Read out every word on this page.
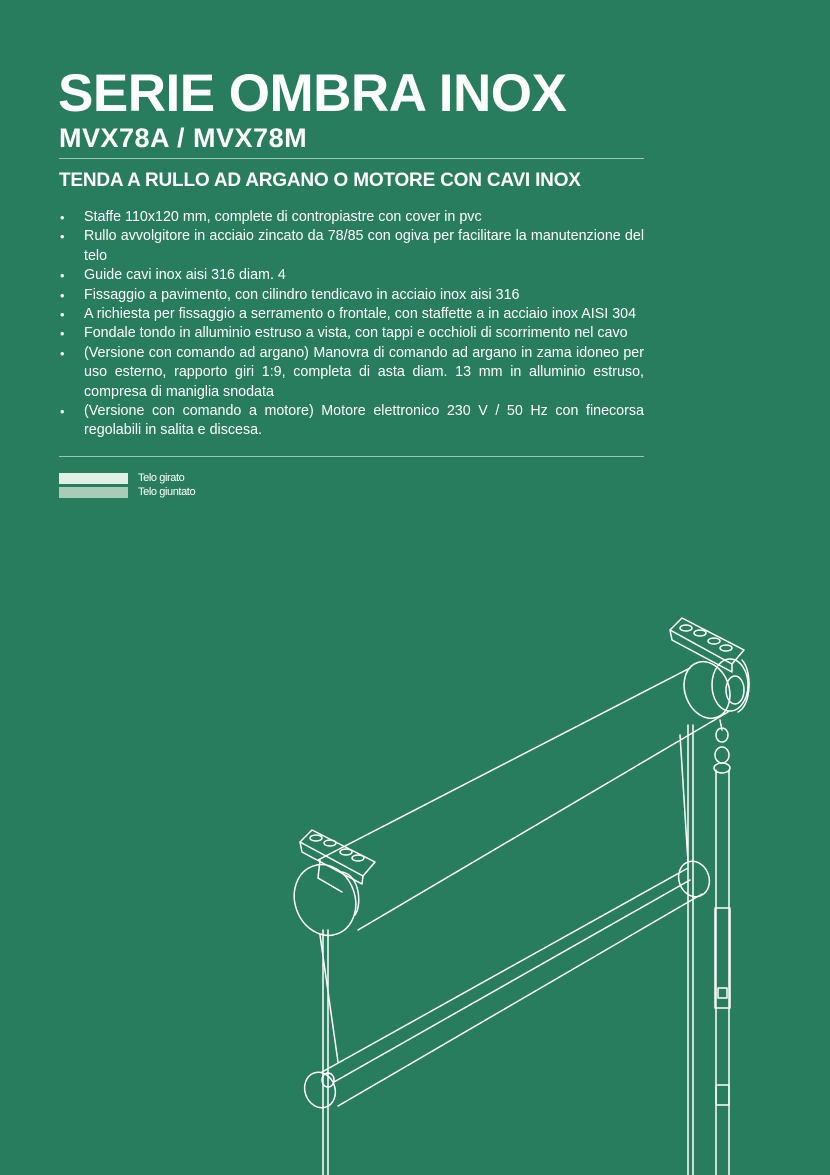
SERIE OMBRA INOX
MVX78A / MVX78M
TENDA A RULLO AD ARGANO O MOTORE CON CAVI INOX
• Staffe 110x120 mm, complete di contropiastre con cover in pvc
• Rullo avvolgitore in acciaio zincato da 78/85 con ogiva per facilitare la manutenzione del telo
• Guide cavi inox aisi 316 diam. 4
• Fissaggio a pavimento, con cilindro tendicavo in acciaio inox aisi 316
• A richiesta per fissaggio a serramento o frontale, con staffette a in acciaio inox AISI 304
• Fondale tondo in alluminio estruso a vista, con tappi e occhioli di scorrimento nel cavo
• (Versione con comando ad argano) Manovra di comando ad argano in zama idoneo per uso esterno, rapporto giri 1:9, completa di asta diam. 13 mm in alluminio estruso, compresa di maniglia snodata
• (Versione con comando a motore) Motore elettronico 230 V / 50 Hz con finecorsa regolabili in salita e discesa.
Telo girato
Telo giuntato
